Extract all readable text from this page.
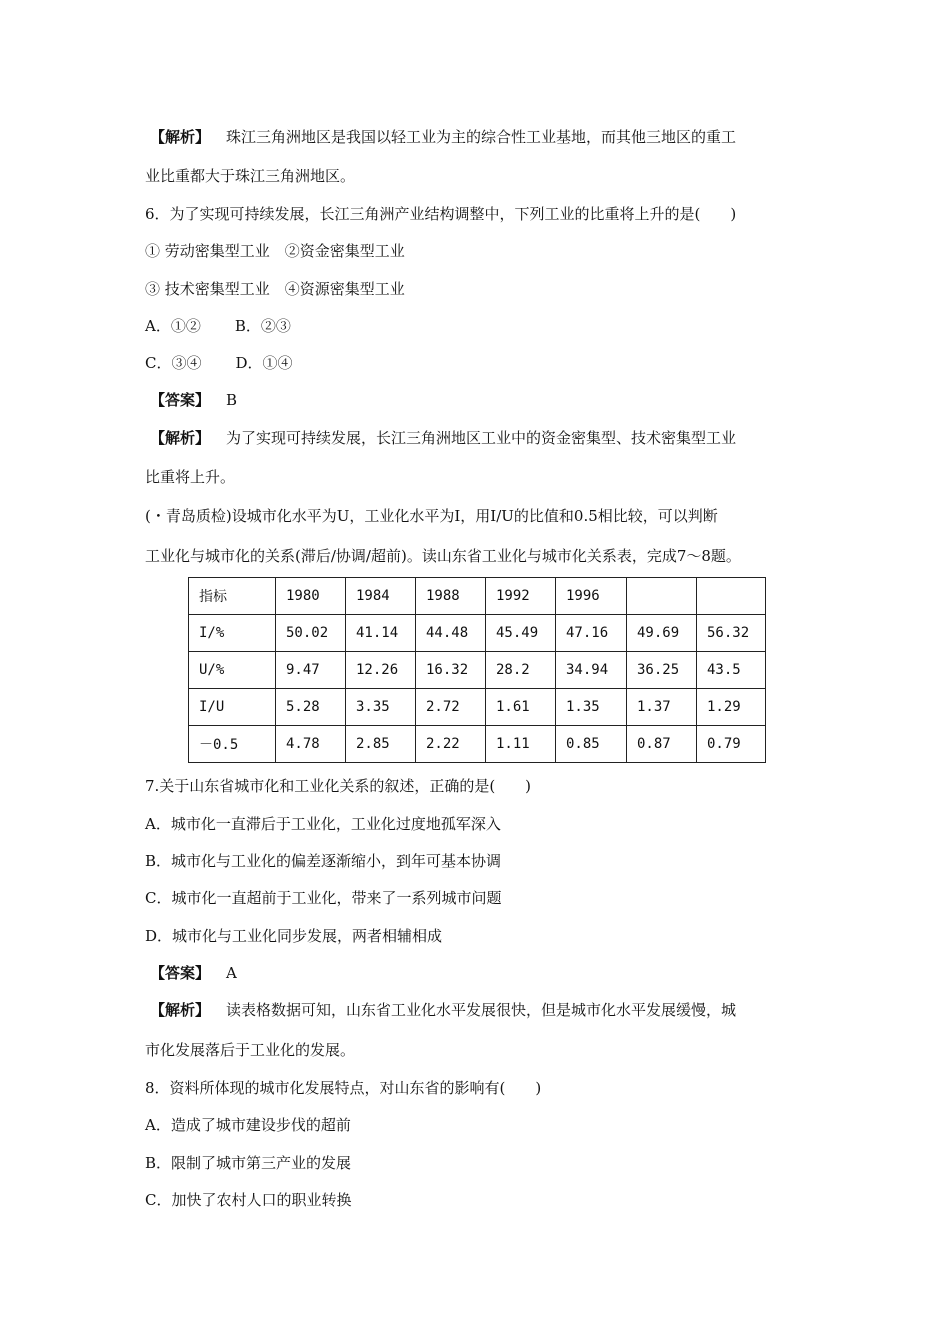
【解析】 珠江三角洲地区是我国以轻工业为主的综合性工业基地，而其他三地区的重工
业比重都大于珠江三角洲地区。
6．为了实现可持续发展，长江三角洲产业结构调整中，下列工业的比重将上升的是(　　)
① 劳动密集型工业　②资金密集型工业
③ 技术密集型工业　④资源密集型工业
A．①② B．②③
C．③④ D．①④
【答案】 B
【解析】 为了实现可持续发展，长江三角洲地区工业中的资金密集型、技术密集型工业
比重将上升。
(・青岛质检)设城市化水平为U，工业化水平为I，用I/U的比值和0.5相比较，可以判断
工业化与城市化的关系(滞后/协调/超前)。读山东省工业化与城市化关系表，完成7～8题。
指标	1980	1984	1988	1992	1996		
I/%	50.02	41.14	44.48	45.49	47.16	49.69	56.32
U/%	9.47	12.26	16.32	28.2	34.94	36.25	43.5
I/U	5.28	3.35	2.72	1.61	1.35	1.37	1.29
－0.5	4.78	2.85	2.22	1.11	0.85	0.87	0.79
7.关于山东省城市化和工业化关系的叙述，正确的是(　　)
A．城市化一直滞后于工业化，工业化过度地孤军深入
B．城市化与工业化的偏差逐渐缩小，到年可基本协调
C．城市化一直超前于工业化，带来了一系列城市问题
D．城市化与工业化同步发展，两者相辅相成
【答案】 A
【解析】 读表格数据可知，山东省工业化水平发展很快，但是城市化水平发展缓慢，城
市化发展落后于工业化的发展。
8．资料所体现的城市化发展特点，对山东省的影响有(　　)
A．造成了城市建设步伐的超前
B．限制了城市第三产业的发展
C．加快了农村人口的职业转换
